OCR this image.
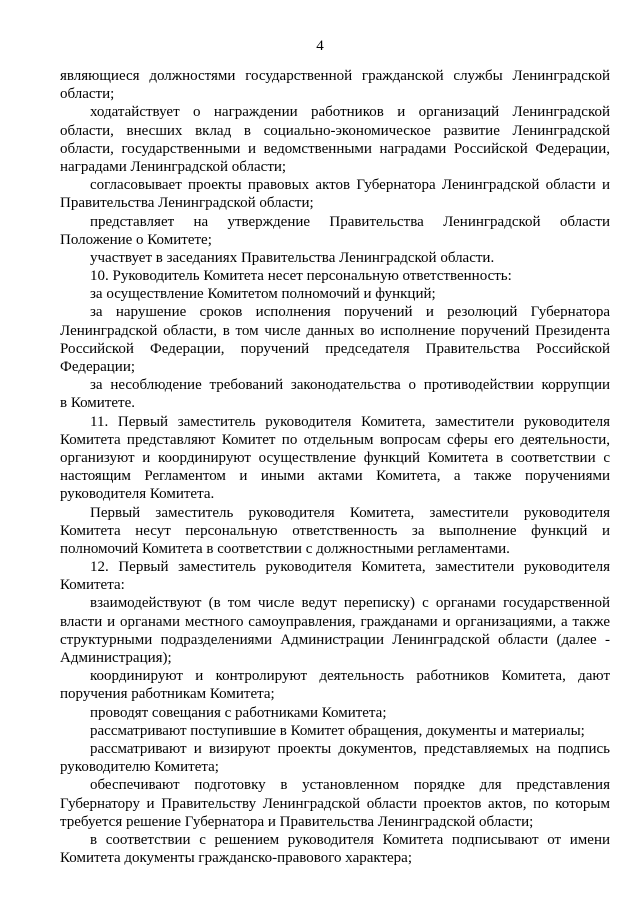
4
являющиеся должностями государственной гражданской службы Ленинградской
области;
ходатайствует о награждении работников и организаций Ленинградской
области, внесших вклад в социально-экономическое развитие Ленинградской
области, государственными и ведомственными наградами Российской Федерации,
наградами Ленинградской области;
согласовывает проекты правовых актов Губернатора Ленинградской области и
Правительства Ленинградской области;
представляет на утверждение Правительства Ленинградской области
Положение о Комитете;
участвует в заседаниях Правительства Ленинградской области.
10. Руководитель Комитета несет персональную ответственность:
за осуществление Комитетом полномочий и функций;
за нарушение сроков исполнения поручений и резолюций Губернатора
Ленинградской области, в том числе данных во исполнение поручений Президента
Российской Федерации, поручений председателя Правительства Российской
Федерации;
за несоблюдение требований законодательства о противодействии коррупции
в Комитете.
11. Первый заместитель руководителя Комитета, заместители руководителя
Комитета представляют Комитет по отдельным вопросам сферы его деятельности,
организуют и координируют осуществление функций Комитета в соответствии с
настоящим Регламентом и иными актами Комитета, а также поручениями
руководителя Комитета.
Первый заместитель руководителя Комитета, заместители руководителя
Комитета несут персональную ответственность за выполнение функций и
полномочий Комитета в соответствии с должностными регламентами.
12. Первый заместитель руководителя Комитета, заместители руководителя
Комитета:
взаимодействуют (в том числе ведут переписку) с органами государственной
власти и органами местного самоуправления, гражданами и организациями, а также
структурными подразделениями Администрации Ленинградской области (далее -
Администрация);
координируют и контролируют деятельность работников Комитета, дают
поручения работникам Комитета;
проводят совещания с работниками Комитета;
рассматривают поступившие в Комитет обращения, документы и материалы;
рассматривают и визируют проекты документов, представляемых на подпись
руководителю Комитета;
обеспечивают подготовку в установленном порядке для представления
Губернатору и Правительству Ленинградской области проектов актов, по которым
требуется решение Губернатора и Правительства Ленинградской области;
в соответствии с решением руководителя Комитета подписывают от имени
Комитета документы гражданско-правового характера;
